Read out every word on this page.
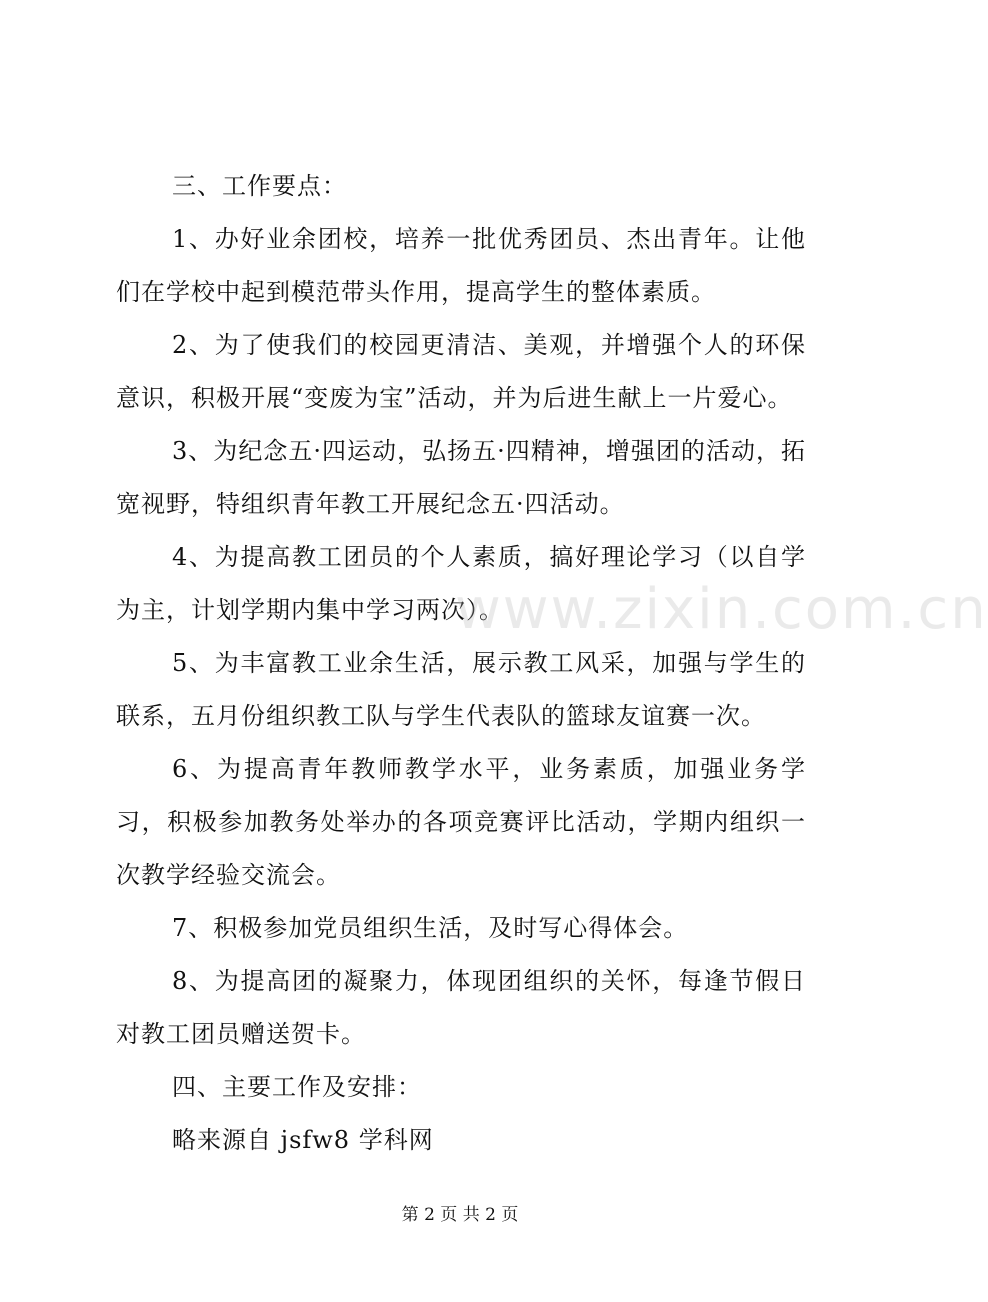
三、工作要点：

1、办好业余团校，培养一批优秀团员、杰出青年。让他们在学校中起到模范带头作用，提高学生的整体素质。

2、为了使我们的校园更清洁、美观，并增强个人的环保意识，积极开展“变废为宝”活动，并为后进生献上一片爱心。

3、为纪念五·四运动，弘扬五·四精神，增强团的活动，拓宽视野，特组织青年教工开展纪念五·四活动。

4、为提高教工团员的个人素质，搞好理论学习（以自学为主，计划学期内集中学习两次）。

5、为丰富教工业余生活，展示教工风采，加强与学生的联系，五月份组织教工队与学生代表队的篮球友谊赛一次。

6、为提高青年教师教学水平，业务素质，加强业务学习，积极参加教务处举办的各项竞赛评比活动，学期内组织一次教学经验交流会。

7、积极参加党员组织生活，及时写心得体会。

8、为提高团的凝聚力，体现团组织的关怀，每逢节假日对教工团员赠送贺卡。

四、主要工作及安排：

略来源自 jsfw8 学科网

www.zixin.com.cn
第 2 页 共 2 页
